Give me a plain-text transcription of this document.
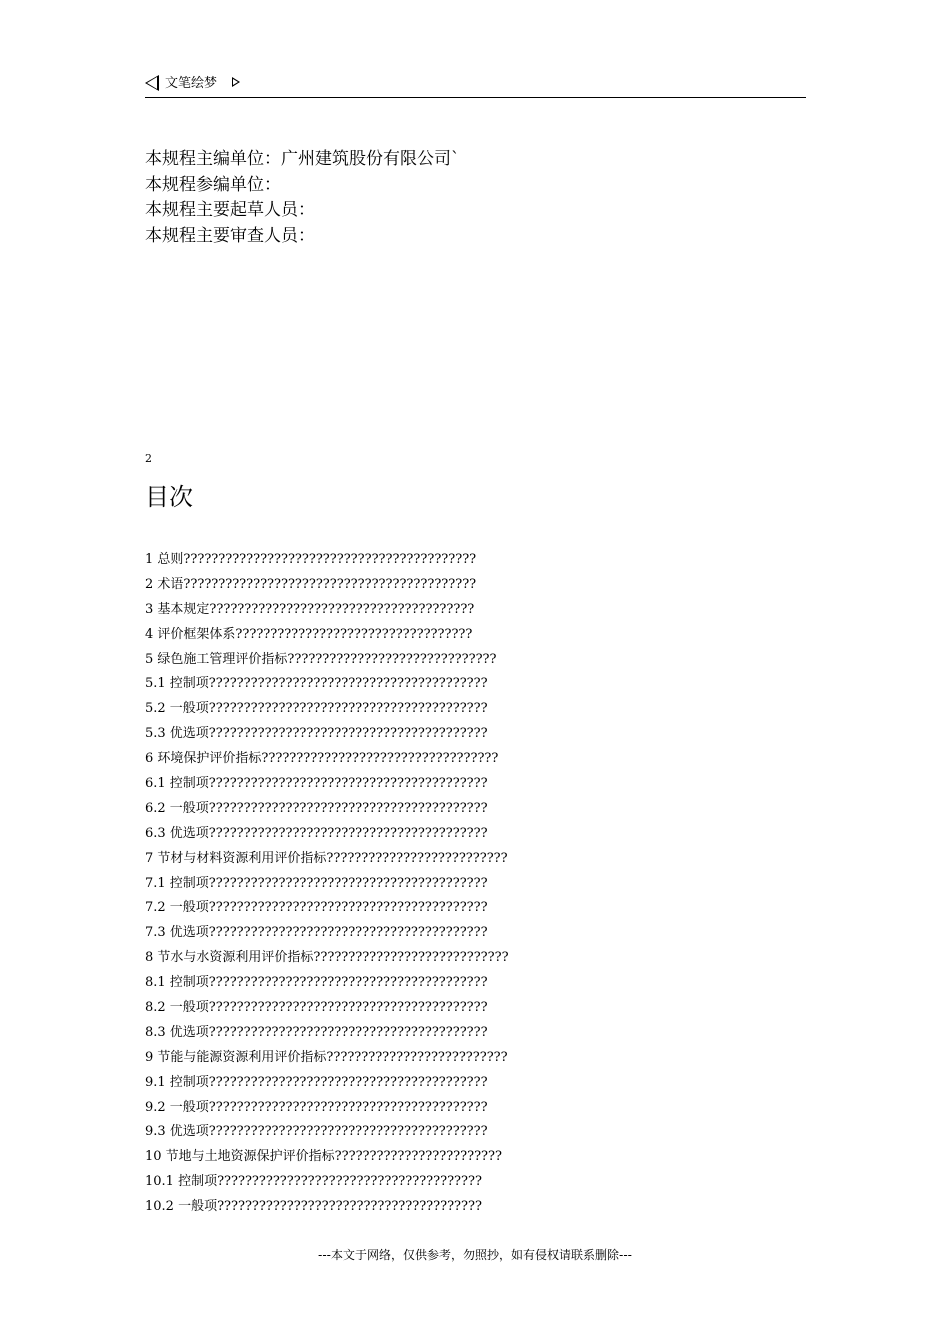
文笔绘梦
本规程主编单位：广州建筑股份有限公司`
本规程参编单位：
本规程主要起草人员：
本规程主要审查人员：
2
目次
1 总则??????????????????????????????????????????
2 术语??????????????????????????????????????????
3 基本规定??????????????????????????????????????
4 评价框架体系??????????????????????????????????
5 绿色施工管理评价指标??????????????????????????????
5.1 控制项????????????????????????????????????????
5.2 一般项????????????????????????????????????????
5.3 优选项????????????????????????????????????????
6 环境保护评价指标??????????????????????????????????
6.1 控制项????????????????????????????????????????
6.2 一般项????????????????????????????????????????
6.3 优选项????????????????????????????????????????
7 节材与材料资源利用评价指标??????????????????????????
7.1 控制项????????????????????????????????????????
7.2 一般项????????????????????????????????????????
7.3 优选项????????????????????????????????????????
8 节水与水资源利用评价指标????????????????????????????
8.1 控制项????????????????????????????????????????
8.2 一般项????????????????????????????????????????
8.3 优选项????????????????????????????????????????
9 节能与能源资源利用评价指标??????????????????????????
9.1 控制项????????????????????????????????????????
9.2 一般项????????????????????????????????????????
9.3 优选项????????????????????????????????????????
10 节地与土地资源保护评价指标????????????????????????
10.1 控制项??????????????????????????????????????
10.2 一般项??????????????????????????????????????
---本文于网络，仅供参考，勿照抄，如有侵权请联系删除---
